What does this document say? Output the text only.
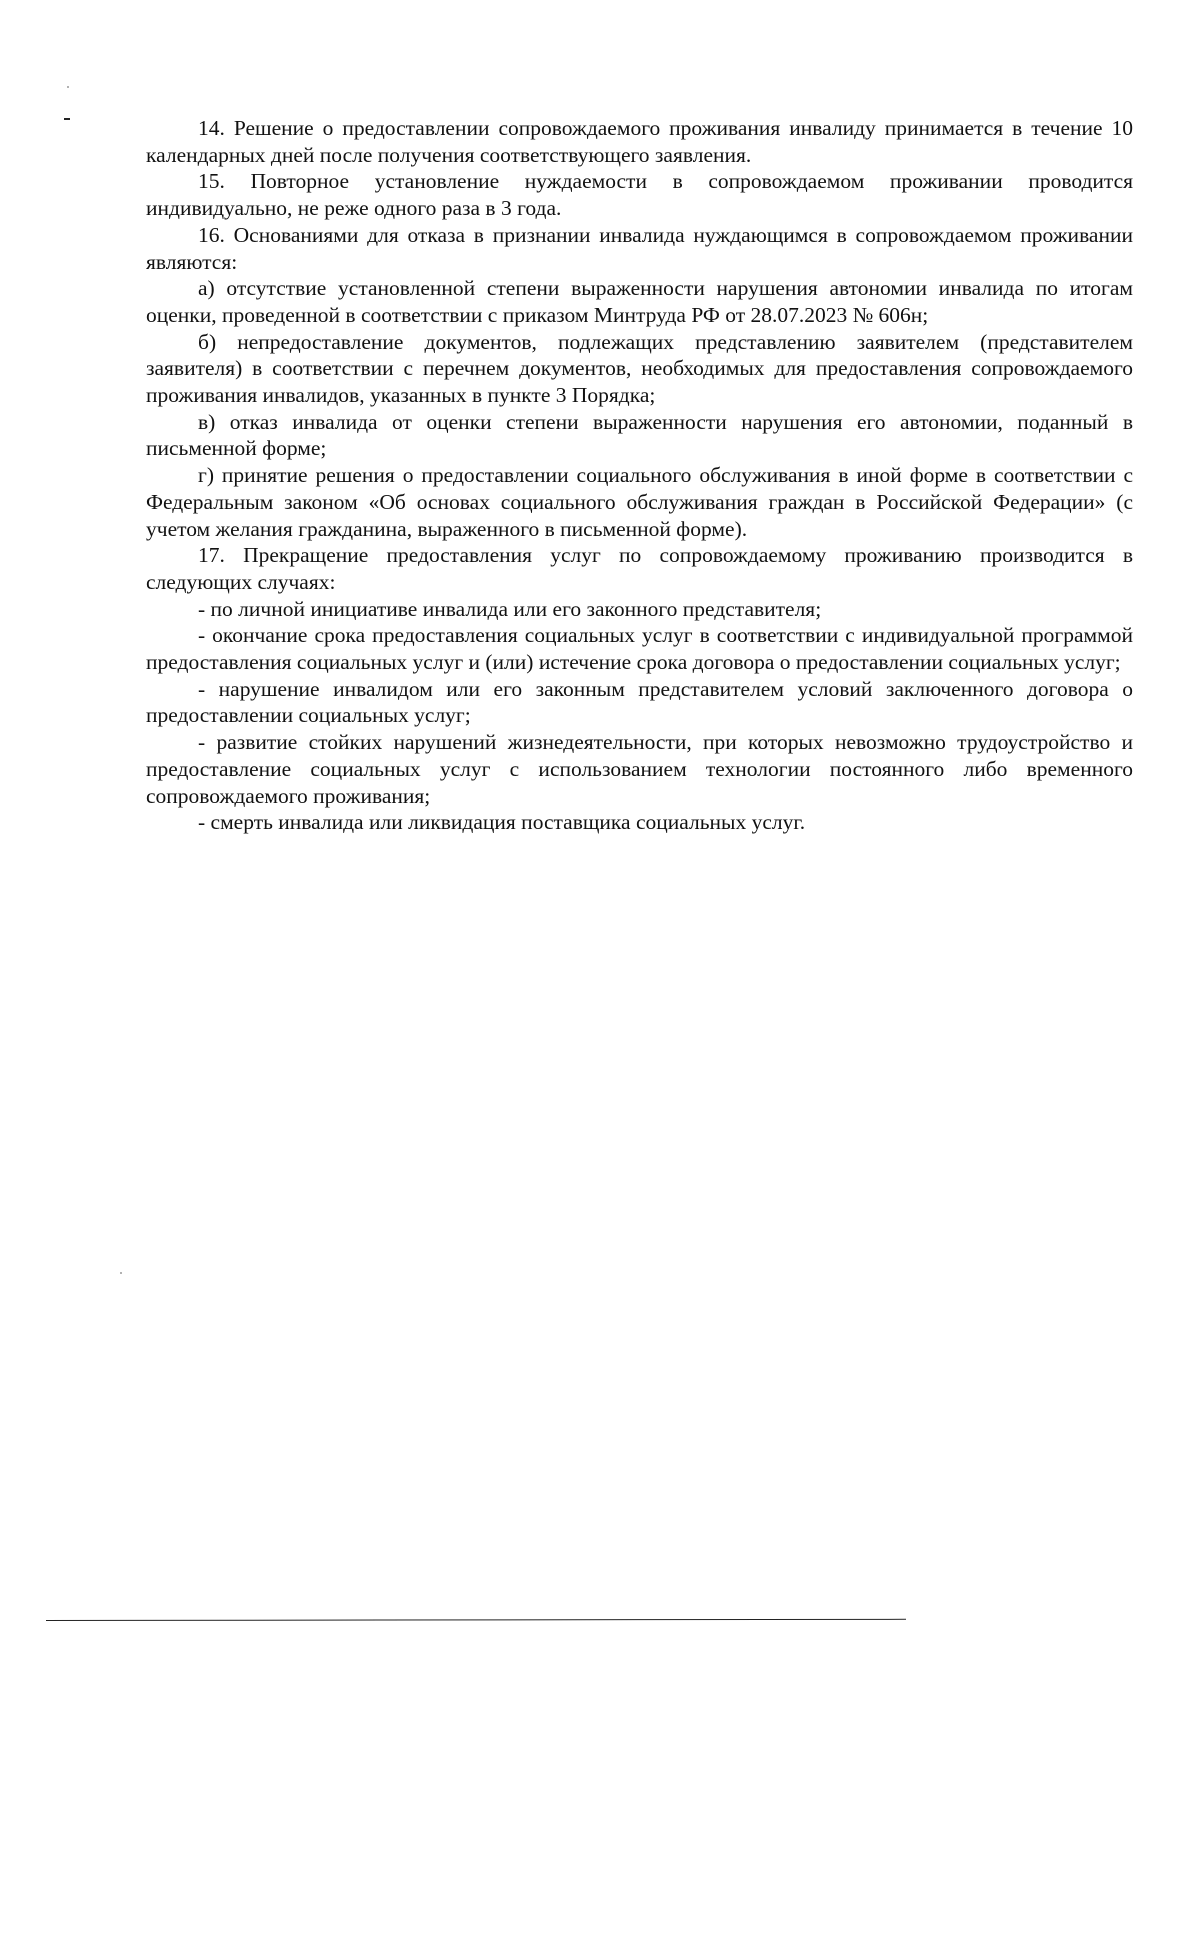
14. Решение о предоставлении сопровождаемого проживания инвалиду принимается в течение 10 календарных дней после получения соответствующего заявления.

15. Повторное установление нуждаемости в сопровождаемом проживании проводится индивидуально, не реже одного раза в 3 года.

16. Основаниями для отказа в признании инвалида нуждающимся в сопровождаемом проживании являются:

а) отсутствие установленной степени выраженности нарушения автономии инвалида по итогам оценки, проведенной в соответствии с приказом Минтруда РФ от 28.07.2023 № 606н;

б) непредоставление документов, подлежащих представлению заявителем (представителем заявителя) в соответствии с перечнем документов, необходимых для предоставления сопровождаемого проживания инвалидов, указанных в пункте 3 Порядка;

в) отказ инвалида от оценки степени выраженности нарушения его автономии, поданный в письменной форме;

г) принятие решения о предоставлении социального обслуживания в иной форме в соответствии с Федеральным законом «Об основах социального обслуживания граждан в Российской Федерации» (с учетом желания гражданина, выраженного в письменной форме).

17. Прекращение предоставления услуг по сопровождаемому проживанию производится в следующих случаях:

- по личной инициативе инвалида или его законного представителя;

- окончание срока предоставления социальных услуг в соответствии с индивидуальной программой предоставления социальных услуг и (или) истечение срока договора о предоставлении социальных услуг;

- нарушение инвалидом или его законным представителем условий заключенного договора о предоставлении социальных услуг;

- развитие стойких нарушений жизнедеятельности, при которых невозможно трудоустройство и предоставление социальных услуг с использованием технологии постоянного либо временного сопровождаемого проживания;

- смерть инвалида или ликвидация поставщика социальных услуг.
